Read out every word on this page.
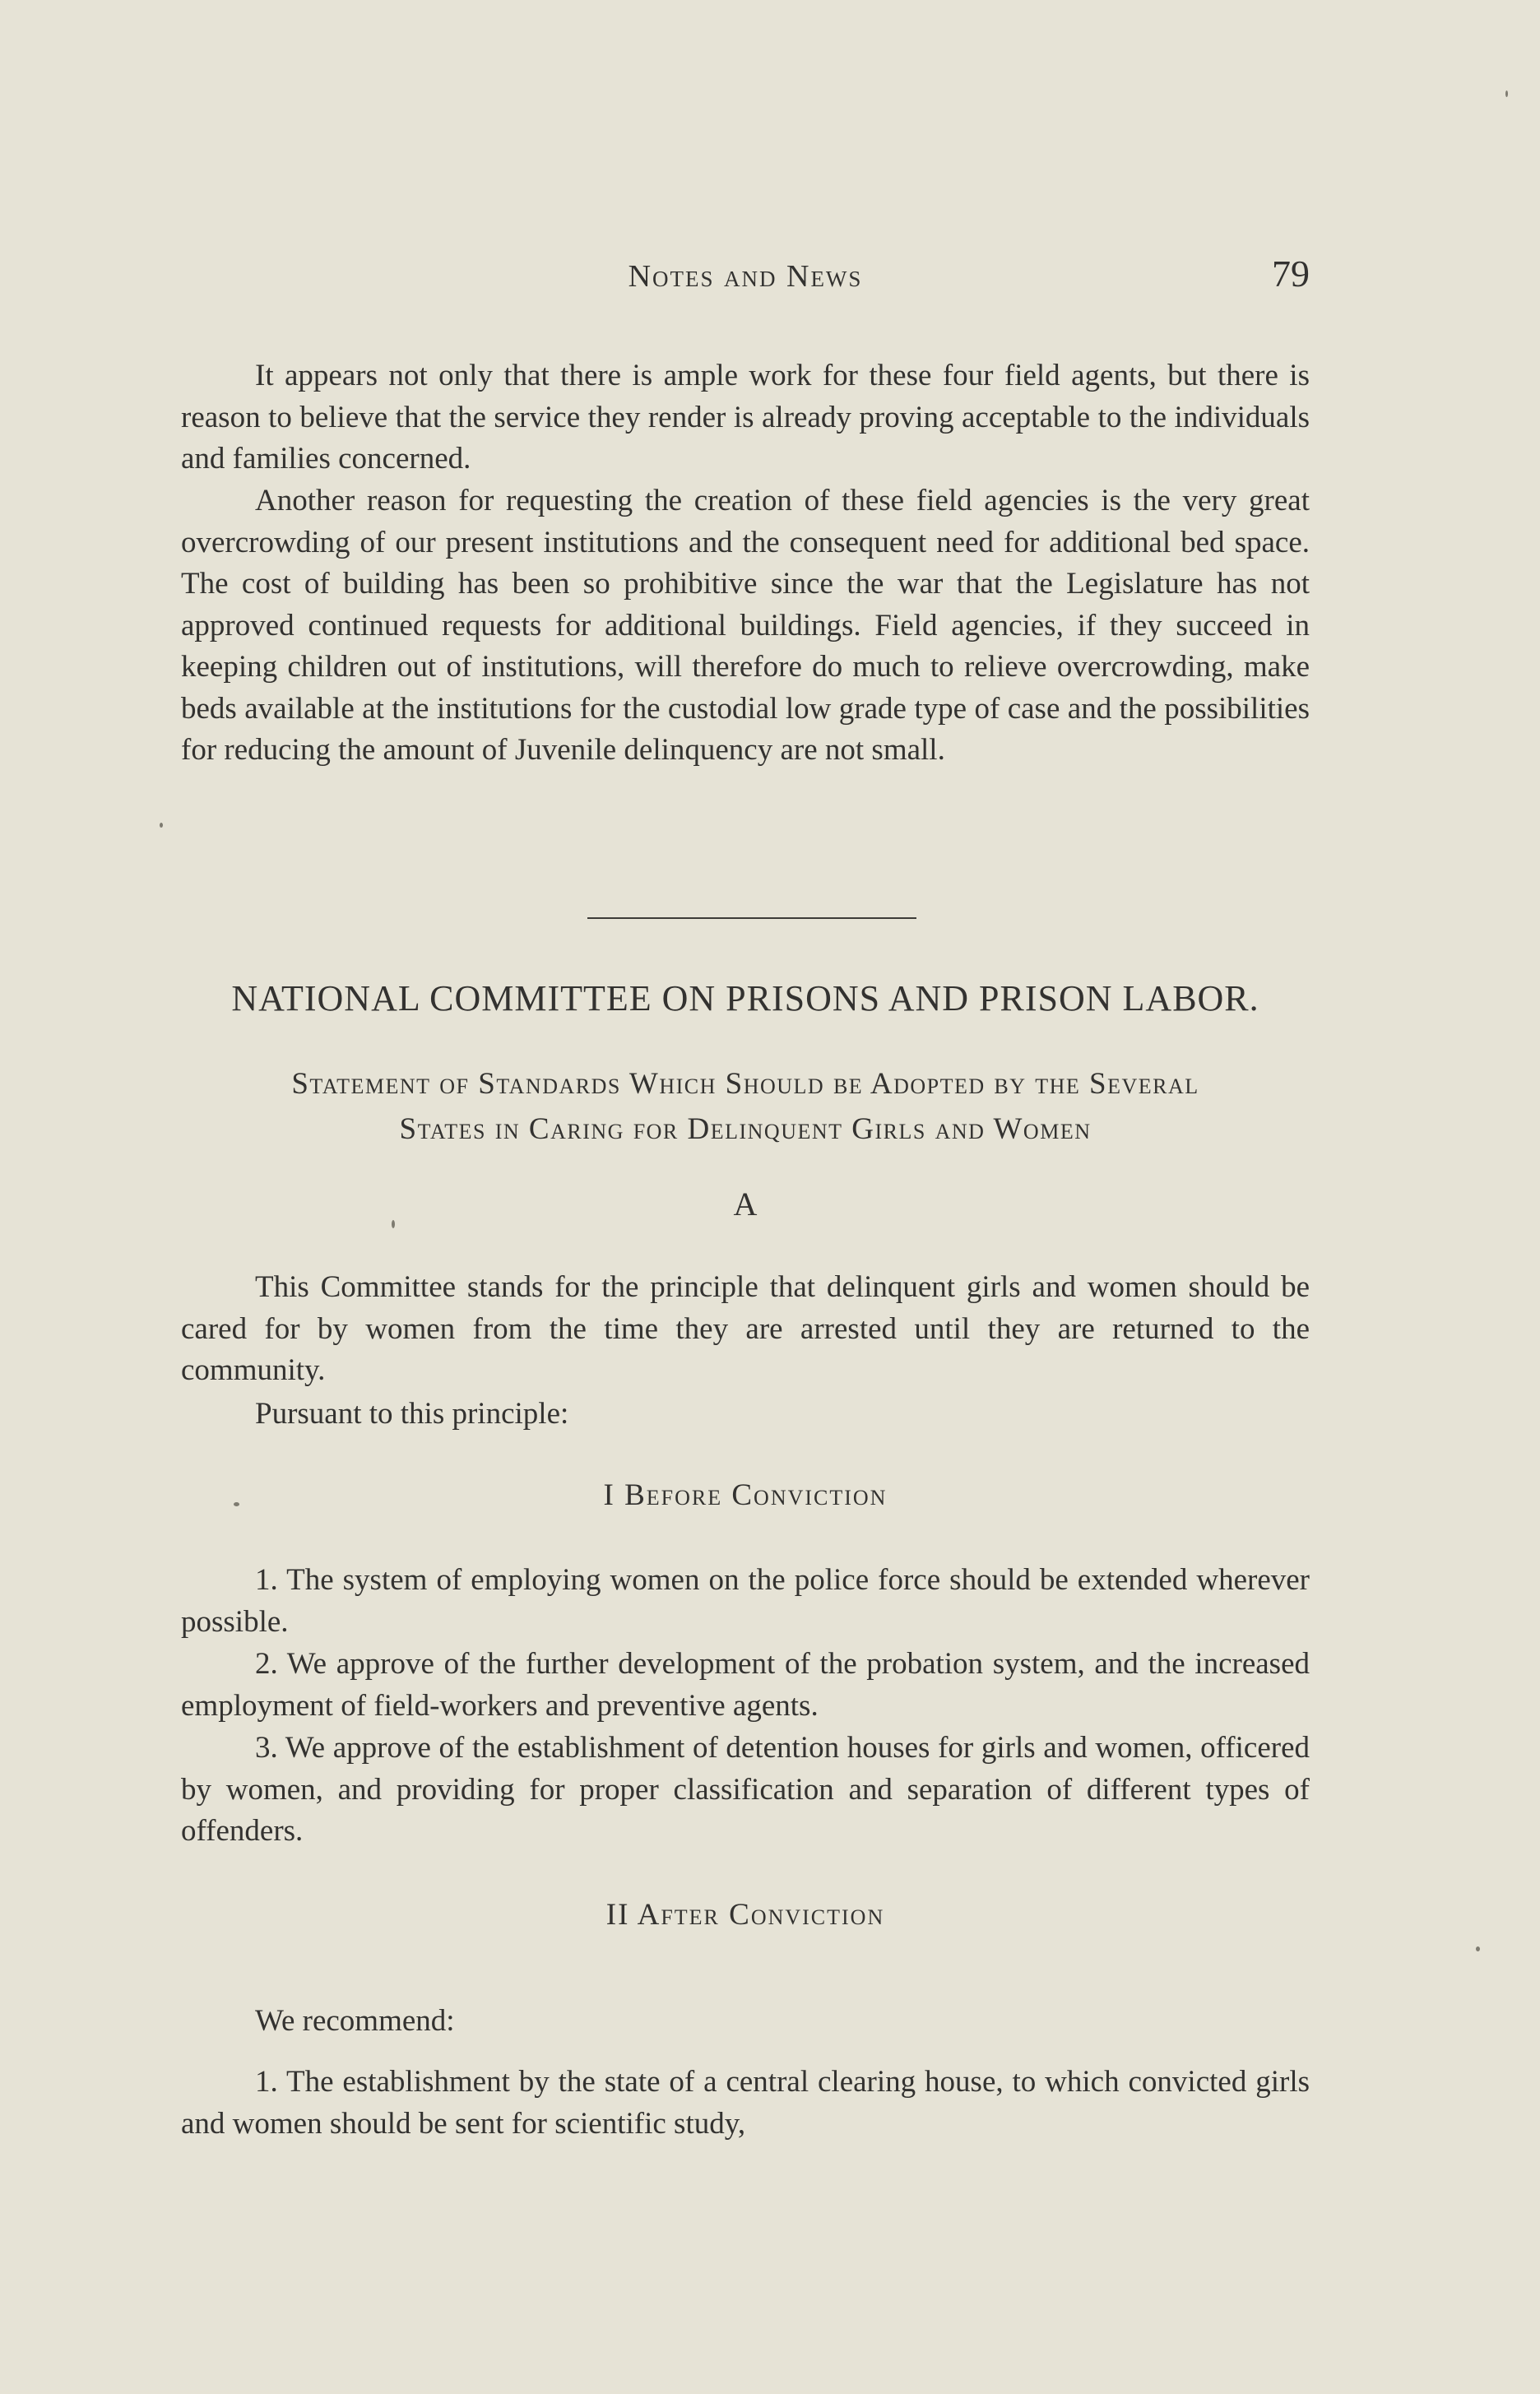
Notes and News	79

It appears not only that there is ample work for these four field agents, but there is reason to believe that the service they render is already proving acceptable to the individuals and families concerned.

Another reason for requesting the creation of these field agencies is the very great overcrowding of our present institutions and the consequent need for additional bed space. The cost of building has been so prohibitive since the war that the Legislature has not approved continued requests for additional buildings. Field agencies, if they succeed in keeping children out of institutions, will therefore do much to relieve overcrowding, make beds available at the institutions for the custodial low grade type of case and the possibilities for reducing the amount of Juvenile delinquency are not small.

NATIONAL COMMITTEE ON PRISONS AND PRISON LABOR.
Statement of Standards Which Should be Adopted by the Several
States in Caring for Delinquent Girls and Women
A

This Committee stands for the principle that delinquent girls and women should be cared for by women from the time they are arrested until they are returned to the community.

Pursuant to this principle:

I Before Conviction

1. The system of employing women on the police force should be extended wherever possible.

2. We approve of the further development of the probation system, and the increased employment of field-workers and preventive agents.

3. We approve of the establishment of detention houses for girls and women, officered by women, and providing for proper classification and separation of different types of offenders.

II After Conviction

We recommend:

1. The establishment by the state of a central clearing house, to which convicted girls and women should be sent for scientific study,
